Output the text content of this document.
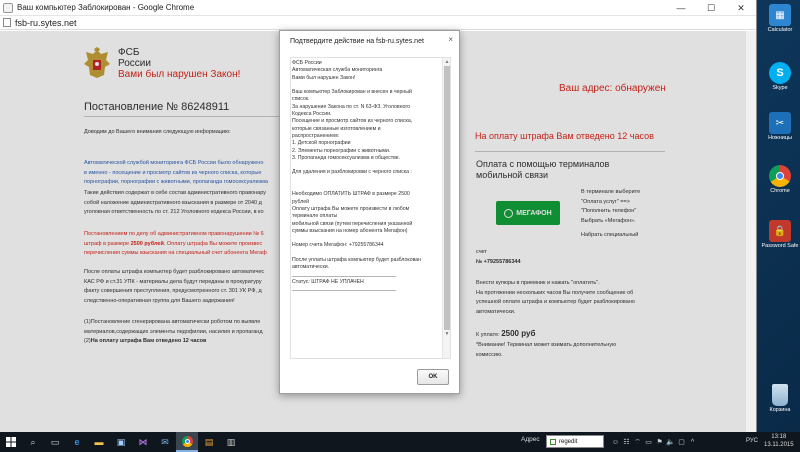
▦
Calculator
S
Skype
✂
Ножницы
Chrome
🔒
Password Safe
Корзина
Ваш компьютер Заблокирован - Google Chrome	—	☐	✕
fsb-ru.sytes.net
ФСБ
России
Вами был нарушен Закон!
Постановление № 86248911
Доводим до Вашего внимания следующую информацию:
Автоматической службой мониторинга ФСБ России было обнаружено
в именно - посещение и просмотр сайтов из черного списка, которые
порнографии, порнографии с животными, пропаганда гомосексуализма
Такие действия содержат в себе состав административного правонару
собой наложение административного взыскания в размере от 2040 д
уголовная ответственность по ст. 212 Уголовного кодекса России, в ко
Постановлением по делу об административном правонарушении № 6
штраф в размере 2500 рублей. Оплату штрафа Вы можете произвес
перечисления суммы взыскания на специальный счет абонента Мегаф
После оплаты штрафа компьютер будет разблокировано автоматичес
КАС РФ и ст.31 УПК - материалы дела будут переданы в прокуратуру
факту совершения преступления, предусмотренного ст. 301 УК РФ, д
следственно-оперативная группа для Вашего задержания!
(1)Постановление сгенерирована автоматически роботом по выявле
материалов,содержащих элементы педофилии, насилия и пропаганд
(2)На оплату штрафа Вам отведено 12 часов
Ваш адрес: обнаружен
На оплату штрафа Вам отведено 12 часов
Оплата с помощью терминалов
мобильной связи
МЕГАФОН
В терминале выберите
"Оплата услуг" ==>
"Пополнить телефон"
Выбрать «Мегафон».
Набрать специальный
счет
№ +79255786344
Внести купюры в приемник и нажать "оплатить".
На протяжении нескольких часов Вы получите сообщение об
успешной оплате штрафа и компьютер будет разблокировано
автоматически.
К уплате: 2500 руб
*Внимание! Терминал может взимать дополнительную
комиссию.
Подтвердите действие на fsb-ru.sytes.net	×
ФСБ России
Автоматическая служба мониторинга
Вами был нарушен Закон!

Ваш компьютер Заблокирован и внесен в черный
список.
За нарушение Закона по ст. N 63-ФЗ. Уголовного
Кодекса России.
Посещение и просмотр сайтов из черного списка,
которые связанные изготовлением и
распространением:
1. Детской порнографии
2. Элементы порнографии с животными.
3. Пропаганда гомосексуализма в обществе.

Для удаления и разблокировки с черного списка :

Необходимо ОПЛАТИТЬ ШТРАФ в размере 2500
рублей
Оплату штрафа Вы можете произвести в любом
терминале оплаты
мобильной связи (путем перечисления указанной
суммы взыскания на номер абонента Мегафон)

Номер счета Мегафон: +79255786344

После уплаты штрафа компьютер будет разблокован
автоматически.
____________________________________
Статус: ШТРАФ НЕ УПЛАЧЕН
____________________________________
▲
▼
OK
⌕ ▭ e ▬ ▣ ⋈ ✉	▤ ▥	Адрес	regedit	☺ ☷ ⌔ ▭ ⚑ 🔈 ▢ ^	РУС
13:18
13.11.2015
